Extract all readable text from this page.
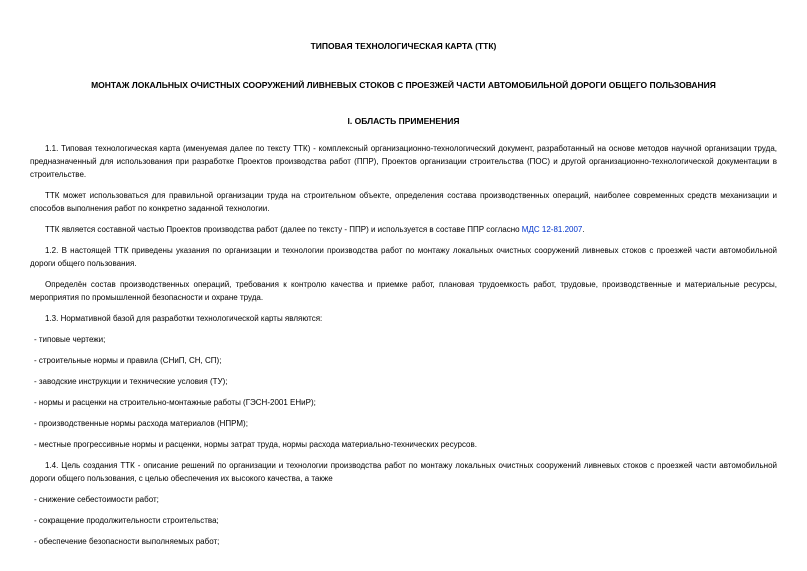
ТИПОВАЯ ТЕХНОЛОГИЧЕСКАЯ КАРТА (ТТК)
МОНТАЖ ЛОКАЛЬНЫХ ОЧИСТНЫХ СООРУЖЕНИЙ ЛИВНЕВЫХ СТОКОВ С ПРОЕЗЖЕЙ ЧАСТИ АВТОМОБИЛЬНОЙ ДОРОГИ ОБЩЕГО ПОЛЬЗОВАНИЯ
I. ОБЛАСТЬ ПРИМЕНЕНИЯ

1.1. Типовая технологическая карта (именуемая далее по тексту ТТК) - комплексный организационно-технологический документ, разработанный на основе методов научной организации труда, предназначенный для использования при разработке Проектов производства работ (ППР), Проектов организации строительства (ПОС) и другой организационно-технологической документации в строительстве.

ТТК может использоваться для правильной организации труда на строительном объекте, определения состава производственных операций, наиболее современных средств механизации и способов выполнения работ по конкретно заданной технологии.

ТТК является составной частью Проектов производства работ (далее по тексту - ППР) и используется в составе ППР согласно МДС 12-81.2007.

1.2. В настоящей ТТК приведены указания по организации и технологии производства работ по монтажу локальных очистных сооружений ливневых стоков с проезжей части автомобильной дороги общего пользования.

Определён состав производственных операций, требования к контролю качества и приемке работ, плановая трудоемкость работ, трудовые, производственные и материальные ресурсы, мероприятия по промышленной безопасности и охране труда.

1.3. Нормативной базой для разработки технологической карты являются:

- типовые чертежи;

- строительные нормы и правила (СНиП, СН, СП);

- заводские инструкции и технические условия (ТУ);

- нормы и расценки на строительно-монтажные работы (ГЭСН-2001 ЕНиР);

- производственные нормы расхода материалов (НПРМ);

- местные прогрессивные нормы и расценки, нормы затрат труда, нормы расхода материально-технических ресурсов.

1.4. Цель создания ТТК - описание решений по организации и технологии производства работ по монтажу локальных очистных сооружений ливневых стоков с проезжей части автомобильной дороги общего пользования, с целью обеспечения их высокого качества, а также

- снижение себестоимости работ;

- сокращение продолжительности строительства;

- обеспечение безопасности выполняемых работ;
